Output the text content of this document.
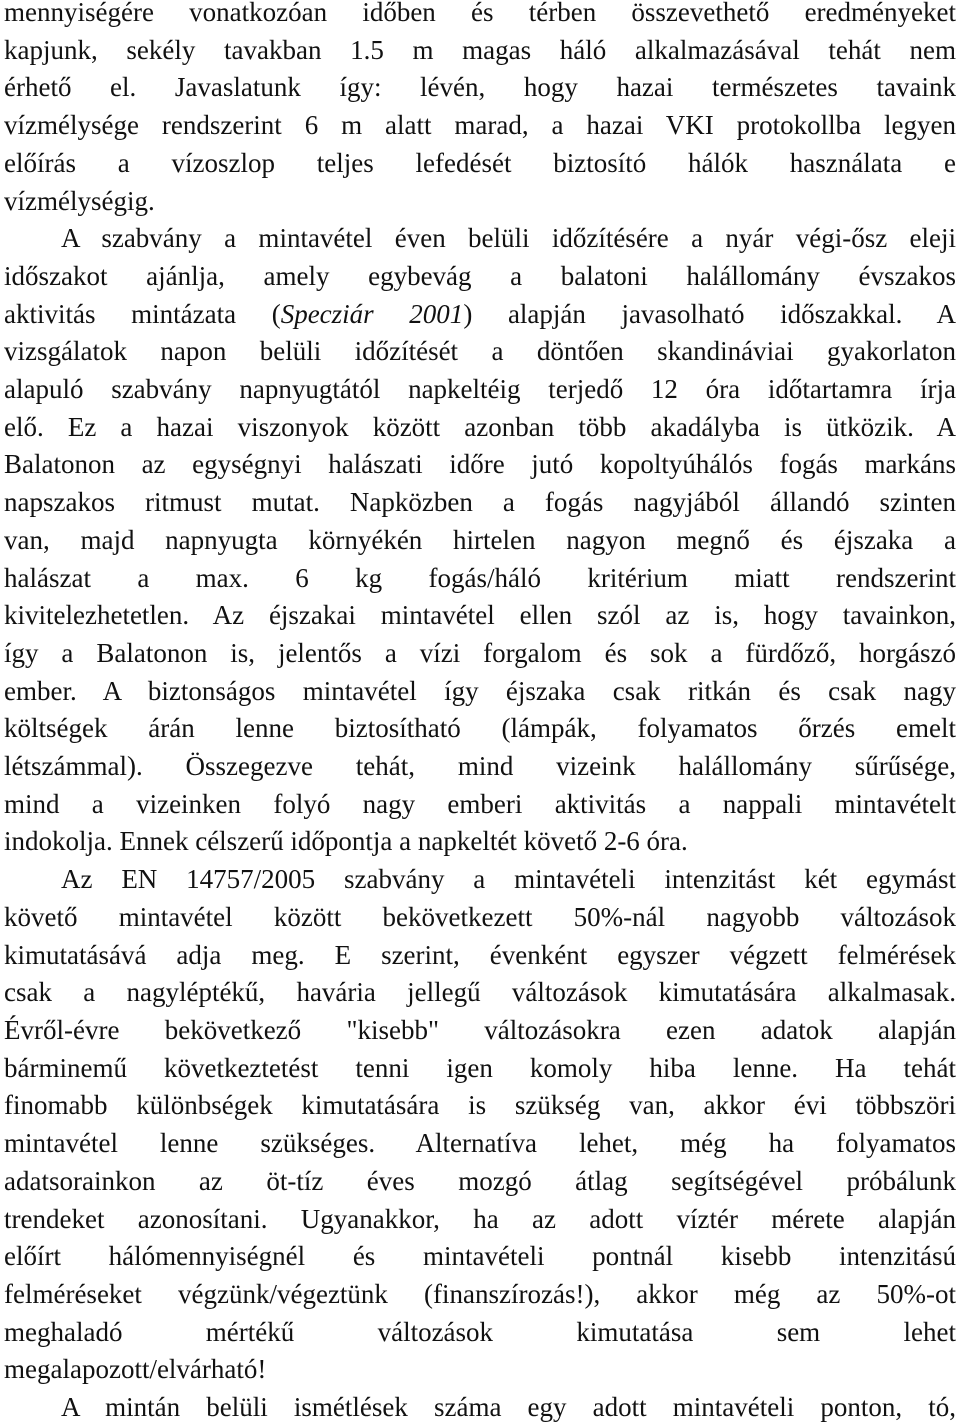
mennyiségére vonatkozóan időben és térben összevethető eredményeket
kapjunk, sekély tavakban 1.5 m magas háló alkalmazásával tehát nem
érhető el. Javaslatunk így: lévén, hogy hazai természetes tavaink
vízmélysége rendszerint 6 m alatt marad, a hazai VKI protokollba legyen
előírás a vízoszlop teljes lefedését biztosító hálók használata e
vízmélységig.
A szabvány a mintavétel éven belüli időzítésére a nyár végi-ősz eleji
időszakot ajánlja, amely egybevág a balatoni halállomány évszakos
aktivitás mintázata (Specziár 2001) alapján javasolható időszakkal. A
vizsgálatok napon belüli időzítését a döntően skandináviai gyakorlaton
alapuló szabvány napnyugtától napkeltéig terjedő 12 óra időtartamra írja
elő. Ez a hazai viszonyok között azonban több akadályba is ütközik. A
Balatonon az egységnyi halászati időre jutó kopoltyúhálós fogás markáns
napszakos ritmust mutat. Napközben a fogás nagyjából állandó szinten
van, majd napnyugta környékén hirtelen nagyon megnő és éjszaka a
halászat a max. 6 kg fogás/háló kritérium miatt rendszerint
kivitelezhetetlen. Az éjszakai mintavétel ellen szól az is, hogy tavainkon,
így a Balatonon is, jelentős a vízi forgalom és sok a fürdőző, horgászó
ember. A biztonságos mintavétel így éjszaka csak ritkán és csak nagy
költségek árán lenne biztosítható (lámpák, folyamatos őrzés emelt
létszámmal). Összegezve tehát, mind vizeink halállomány sűrűsége,
mind a vizeinken folyó nagy emberi aktivitás a nappali mintavételt
indokolja. Ennek célszerű időpontja a napkeltét követő 2-6 óra.
Az EN 14757/2005 szabvány a mintavételi intenzitást két egymást
követő mintavétel között bekövetkezett 50%-nál nagyobb változások
kimutatásává adja meg. E szerint, évenként egyszer végzett felmérések
csak a nagyléptékű, havária jellegű változások kimutatására alkalmasak.
Évről-évre bekövetkező "kisebb" változásokra ezen adatok alapján
bárminemű következtetést tenni igen komoly hiba lenne. Ha tehát
finomabb különbségek kimutatására is szükség van, akkor évi többszöri
mintavétel lenne szükséges. Alternatíva lehet, még ha folyamatos
adatsorainkon az öt-tíz éves mozgó átlag segítségével próbálunk
trendeket azonosítani. Ugyanakkor, ha az adott víztér mérete alapján
előírt hálómennyiségnél és mintavételi pontnál kisebb intenzitású
felméréseket végzünk/végeztünk (finanszírozás!), akkor még az 50%-ot
meghaladó mértékű változások kimutatása sem lehet
megalapozott/elvárható!
A mintán belüli ismétlések száma egy adott mintavételi ponton, tó,
